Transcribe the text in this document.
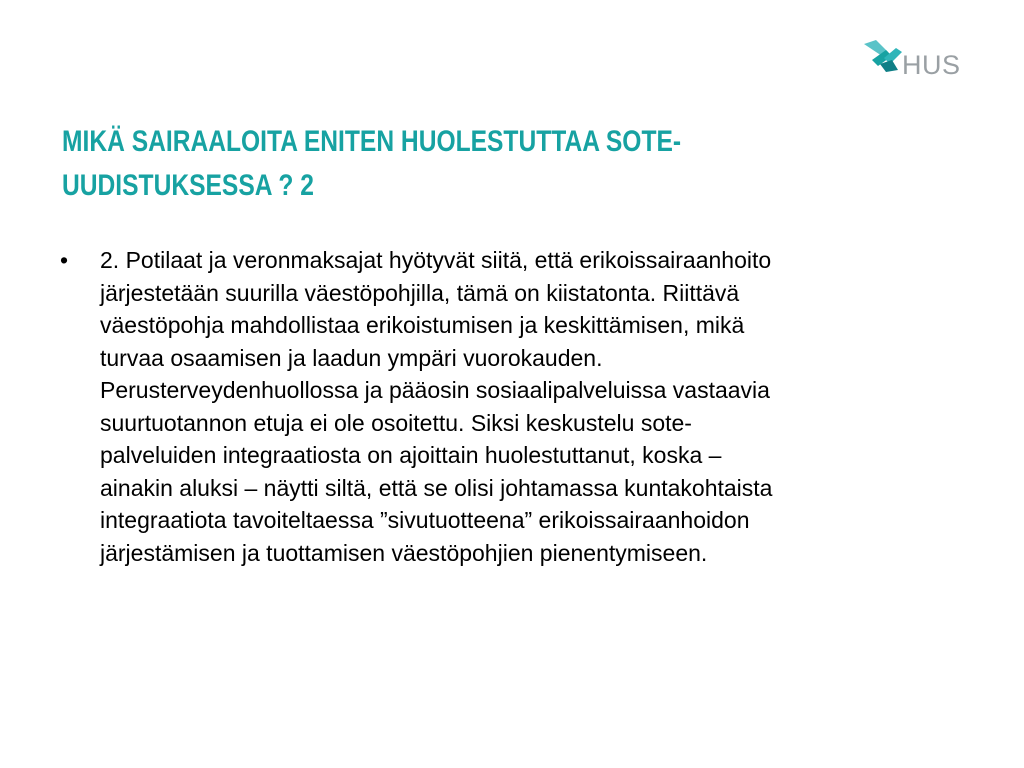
HUS
MIKÄ SAIRAALOITA ENITEN HUOLESTUTTAA SOTE-
UUDISTUKSESSA ? 2
•	2. Potilaat ja veronmaksajat hyötyvät siitä, että erikoissairaanhoito
järjestetään suurilla väestöpohjilla, tämä on kiistatonta. Riittävä
väestöpohja mahdollistaa erikoistumisen ja keskittämisen, mikä
turvaa osaamisen ja laadun ympäri vuorokauden.
Perusterveydenhuollossa ja pääosin sosiaalipalveluissa vastaavia
suurtuotannon etuja ei ole osoitettu. Siksi keskustelu sote-
palveluiden integraatiosta on ajoittain huolestuttanut, koska –
ainakin aluksi – näytti siltä, että se olisi johtamassa kuntakohtaista
integraatiota tavoiteltaessa ”sivutuotteena” erikoissairaanhoidon
järjestämisen ja tuottamisen väestöpohjien pienentymiseen.
